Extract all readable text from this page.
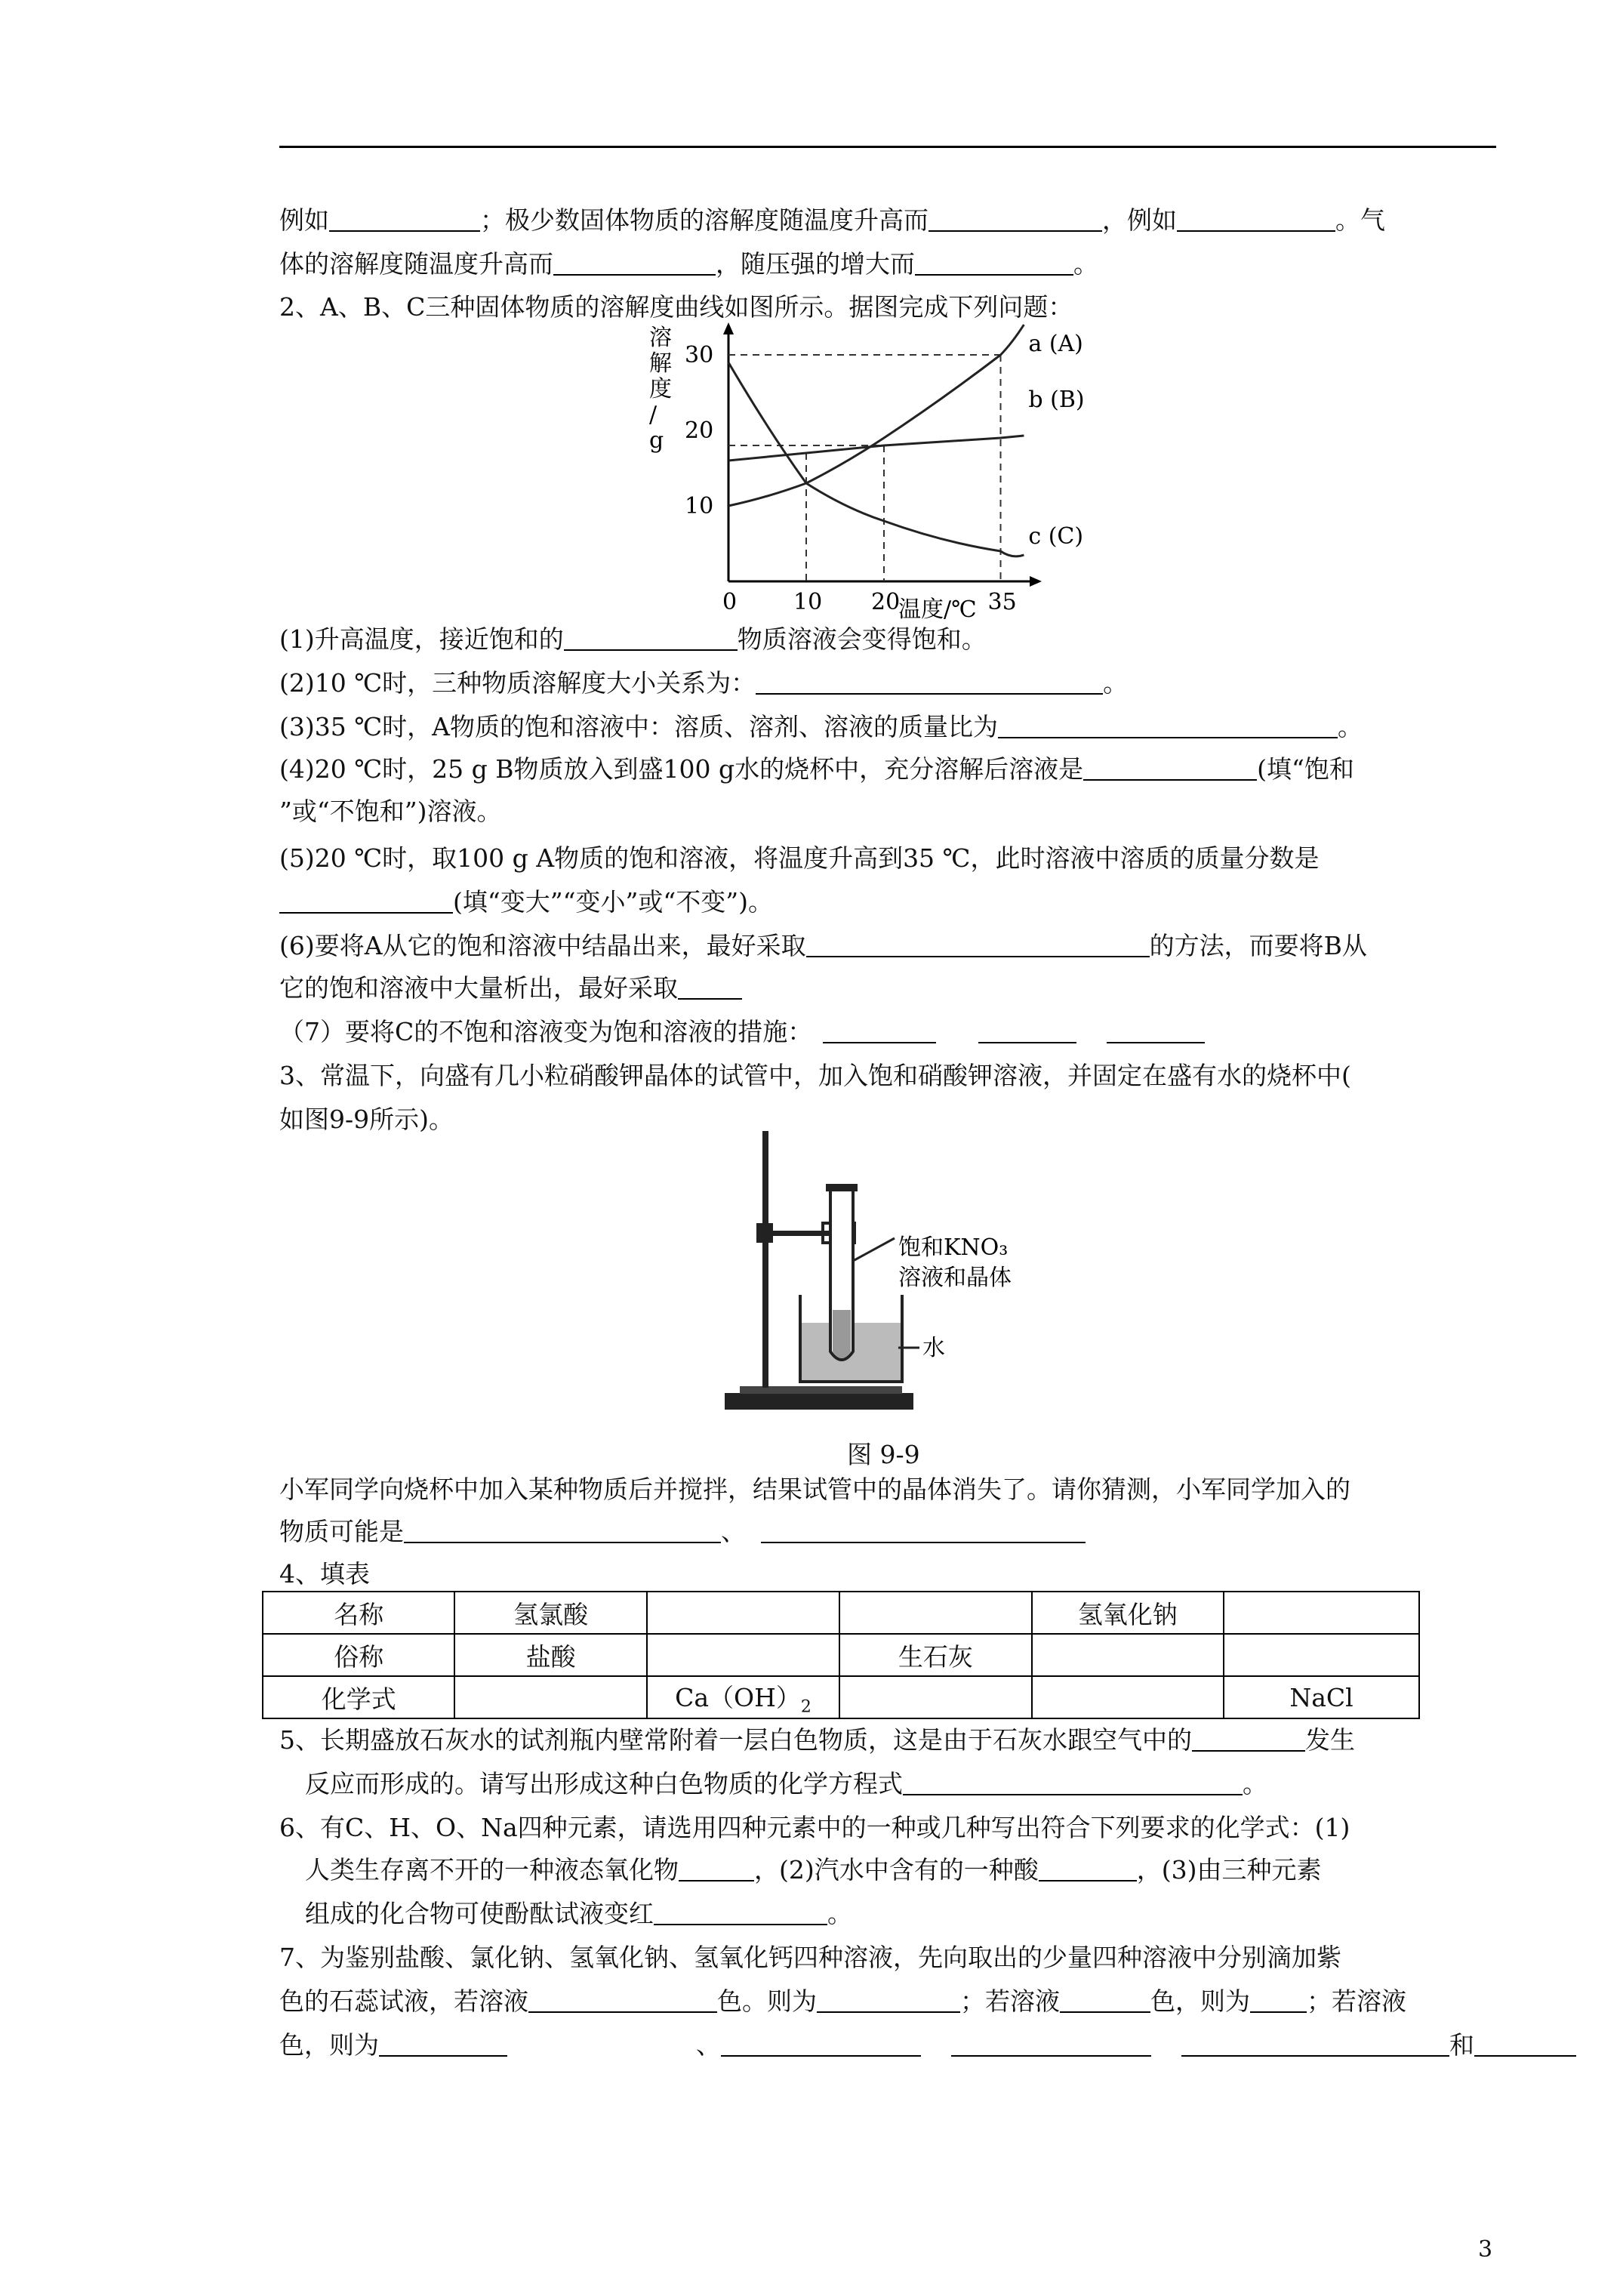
例如	；极少数固体物质的溶解度随温度升高而	，例如	。气
体的溶解度随温度升高而	，随压强的增大而	。
2、A、B、C三种固体物质的溶解度曲线如图所示。据图完成下列问题：
溶
解
度
/
g
30
20
10
0 10 20	35
a (A)
b (B)
c (C)
温度/℃
(1)升高温度，接近饱和的	物质溶液会变得饱和。
(2)10 ℃时，三种物质溶解度大小关系为：	。
(3)35 ℃时，A物质的饱和溶液中：溶质、溶剂、溶液的质量比为	。
(4)20 ℃时，25 g B物质放入到盛100 g水的烧杯中，充分溶解后溶液是	(填“饱和
”或“不饱和”)溶液。
(5)20 ℃时，取100 g A物质的饱和溶液，将温度升高到35 ℃，此时溶液中溶质的质量分数是
(填“变大”“变小”或“不变”)。
(6)要将A从它的饱和溶液中结晶出来，最好采取	的方法，而要将B从
它的饱和溶液中大量析出，最好采取
（7）要将C的不饱和溶液变为饱和溶液的措施：
3、常温下，向盛有几小粒硝酸钾晶体的试管中，加入饱和硝酸钾溶液，并固定在盛有水的烧杯中(
如图9-9所示)。
饱和KNO₃
溶液和晶体
水
图 9-9
小军同学向烧杯中加入某种物质后并搅拌，结果试管中的晶体消失了。请你猜测，小军同学加入的
物质可能是	、
4、填表
名称	氢氯酸			氢氧化钠	
俗称	盐酸		生石灰		
化学式		$Ca(OH)_2$			NaCl
5、长期盛放石灰水的试剂瓶内壁常附着一层白色物质，这是由于石灰水跟空气中的	发生
反应而形成的。请写出形成这种白色物质的化学方程式	。
6、有C、H、O、Na四种元素，请选用四种元素中的一种或几种写出符合下列要求的化学式：(1)
人类生存离不开的一种液态氧化物	，(2)汽水中含有的一种酸	，(3)由三种元素
组成的化合物可使酚酞试液变红	。
7、为鉴别盐酸、氯化钠、氢氧化钠、氢氧化钙四种溶液，先向取出的少量四种溶液中分别滴加紫
色的石蕊试液，若溶液	色。则为	；若溶液	色，则为 ；若溶液
色，则为	、	和
3
